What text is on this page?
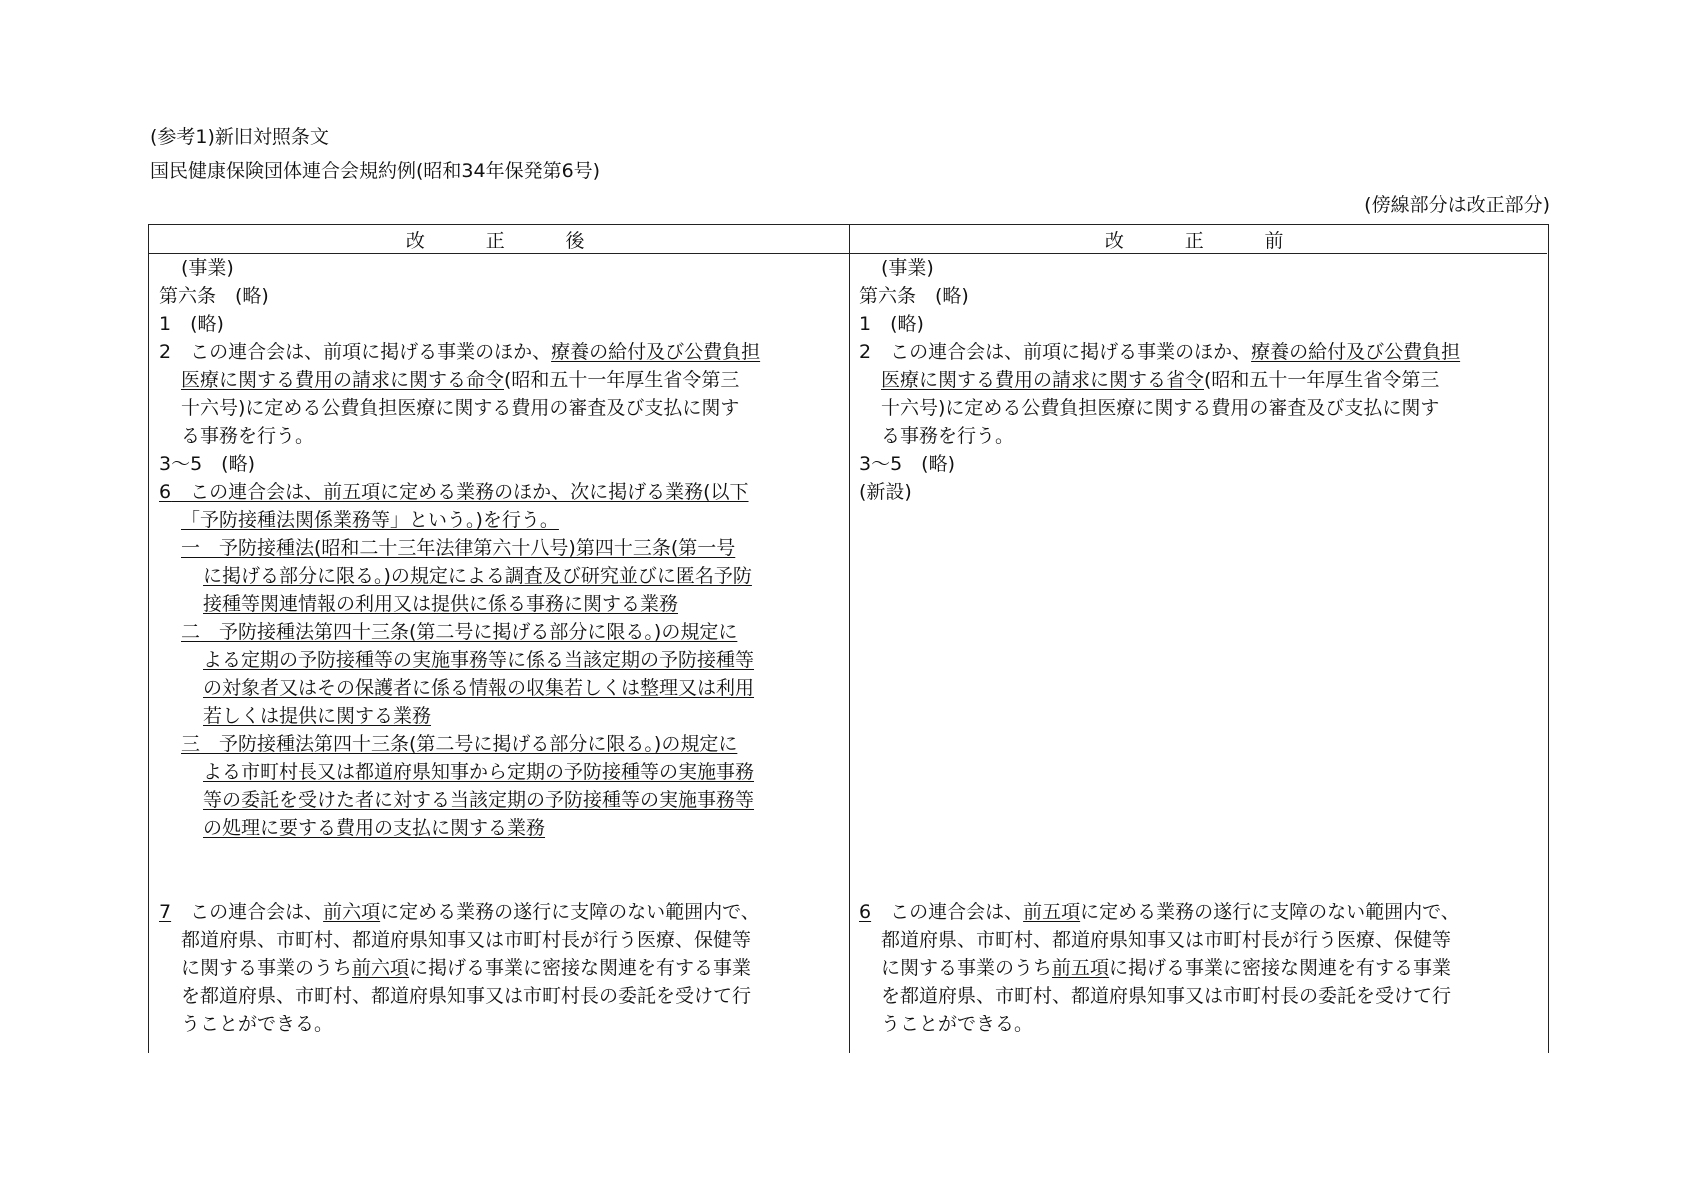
(参考1)新旧対照条文
国民健康保険団体連合会規約例(昭和34年保発第6号)
(傍線部分は改正部分)
改　　正　　後	改　　正　　前
(事業)
第六条　(略)
1　(略)
2　この連合会は、前項に掲げる事業のほか、療養の給付及び公費負担
医療に関する費用の請求に関する命令(昭和五十一年厚生省令第三
十六号)に定める公費負担医療に関する費用の審査及び支払に関す
る事務を行う。
3〜5　(略)
6　この連合会は、前五項に定める業務のほか、次に掲げる業務(以下
「予防接種法関係業務等」という。)を行う。
一　予防接種法(昭和二十三年法律第六十八号)第四十三条(第一号
に掲げる部分に限る。)の規定による調査及び研究並びに匿名予防
接種等関連情報の利用又は提供に係る事務に関する業務
二　予防接種法第四十三条(第二号に掲げる部分に限る。)の規定に
よる定期の予防接種等の実施事務等に係る当該定期の予防接種等
の対象者又はその保護者に係る情報の収集若しくは整理又は利用
若しくは提供に関する業務
三　予防接種法第四十三条(第二号に掲げる部分に限る。)の規定に
よる市町村長又は都道府県知事から定期の予防接種等の実施事務
等の委託を受けた者に対する当該定期の予防接種等の実施事務等
の処理に要する費用の支払に関する業務
7　この連合会は、前六項に定める業務の遂行に支障のない範囲内で、
都道府県、市町村、都道府県知事又は市町村長が行う医療、保健等
に関する事業のうち前六項に掲げる事業に密接な関連を有する事業
を都道府県、市町村、都道府県知事又は市町村長の委託を受けて行
うことができる。
(事業)
第六条　(略)
1　(略)
2　この連合会は、前項に掲げる事業のほか、療養の給付及び公費負担
医療に関する費用の請求に関する省令(昭和五十一年厚生省令第三
十六号)に定める公費負担医療に関する費用の審査及び支払に関す
る事務を行う。
3〜5　(略)
(新設)
6　この連合会は、前五項に定める業務の遂行に支障のない範囲内で、
都道府県、市町村、都道府県知事又は市町村長が行う医療、保健等
に関する事業のうち前五項に掲げる事業に密接な関連を有する事業
を都道府県、市町村、都道府県知事又は市町村長の委託を受けて行
うことができる。
